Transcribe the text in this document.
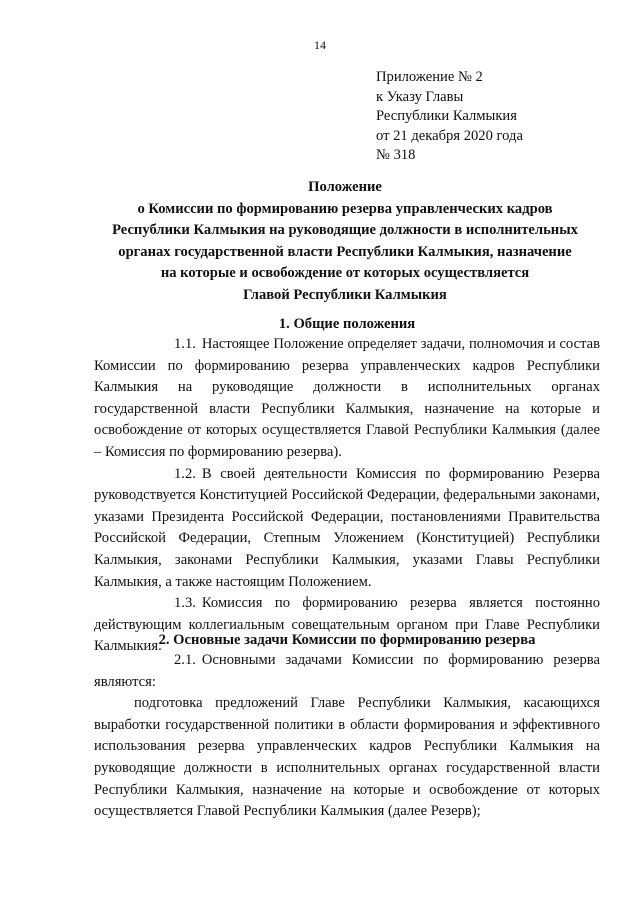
14
Приложение № 2
к Указу Главы
Республики Калмыкия
от 21 декабря 2020 года
№ 318
Положение
о Комиссии по формированию резерва управленческих кадров
Республики Калмыкия на руководящие должности в исполнительных
органах государственной власти Республики Калмыкия, назначение
на которые и освобождение от которых осуществляется
Главой Республики Калмыкия
1. Общие положения

1.1. Настоящее Положение определяет задачи, полномочия и состав Комиссии по формированию резерва управленческих кадров Республики Калмыкия на руководящие должности в исполнительных органах государственной власти Республики Калмыкия, назначение на которые и освобождение от которых осуществляется Главой Республики Калмыкия (далее – Комиссия по формированию резерва).

1.2. В своей деятельности Комиссия по формированию Резерва руководствуется Конституцией Российской Федерации, федеральными законами, указами Президента Российской Федерации, постановлениями Правительства Российской Федерации, Степным Уложением (Конституцией) Республики Калмыкия, законами Республики Калмыкия, указами Главы Республики Калмыкия, а также настоящим Положением.

1.3. Комиссия по формированию резерва является постоянно действующим коллегиальным совещательным органом при Главе Республики Калмыкия.

2. Основные задачи Комиссии по формированию резерва

2.1. Основными задачами Комиссии по формированию резерва являются:

подготовка предложений Главе Республики Калмыкия, касающихся выработки государственной политики в области формирования и эффективного использования резерва управленческих кадров Республики Калмыкия на руководящие должности в исполнительных органах государственной власти Республики Калмыкия, назначение на которые и освобождение от которых осуществляется Главой Республики Калмыкия (далее Резерв);
